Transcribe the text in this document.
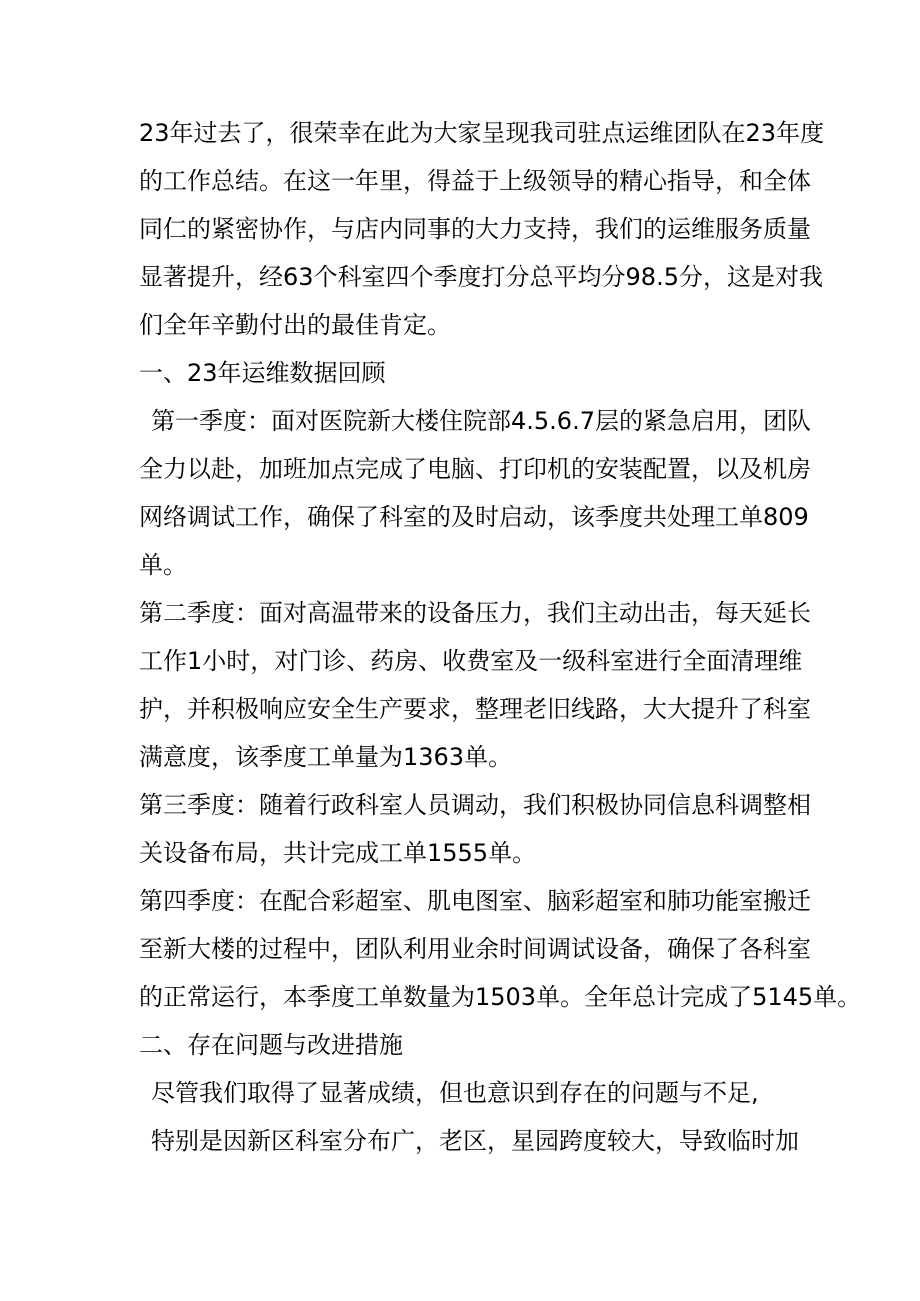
23年过去了，很荣幸在此为大家呈现我司驻点运维团队在23年度
的工作总结。在这一年里，得益于上级领导的精心指导，和全体
同仁的紧密协作，与店内同事的大力支持，我们的运维服务质量
显著提升，经63个科室四个季度打分总平均分98.5分，这是对我
们全年辛勤付出的最佳肯定。
一、23年运维数据回顾
第一季度：面对医院新大楼住院部4.5.6.7层的紧急启用，团队
全力以赴，加班加点完成了电脑、打印机的安装配置，以及机房
网络调试工作，确保了科室的及时启动，该季度共处理工单809
单。
第二季度：面对高温带来的设备压力，我们主动出击，每天延长
工作1小时，对门诊、药房、收费室及一级科室进行全面清理维
护，并积极响应安全生产要求，整理老旧线路，大大提升了科室
满意度，该季度工单量为1363单。
第三季度：随着行政科室人员调动，我们积极协同信息科调整相
关设备布局，共计完成工单1555单。
第四季度：在配合彩超室、肌电图室、脑彩超室和肺功能室搬迁
至新大楼的过程中，团队利用业余时间调试设备，确保了各科室
的正常运行，本季度工单数量为1503单。全年总计完成了5145单。
二、存在问题与改进措施
尽管我们取得了显著成绩，但也意识到存在的问题与不足,
特别是因新区科室分布广，老区，星园跨度较大，导致临时加
